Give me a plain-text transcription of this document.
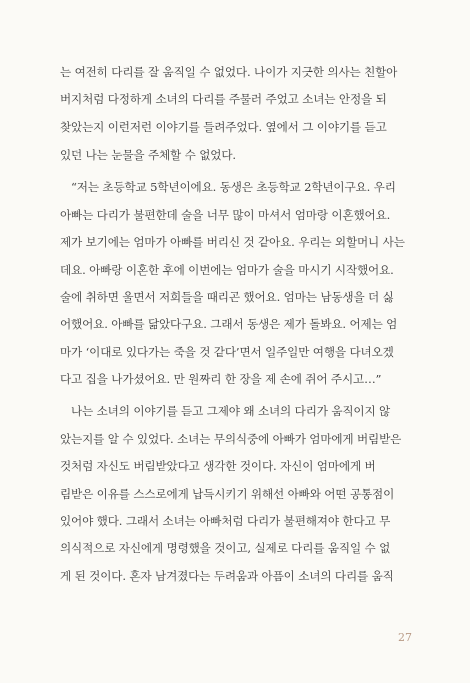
는 여전히 다리를 잘 움직일 수 없었다. 나이가 지긋한 의사는 친할아
버지처럼 다정하게 소녀의 다리를 주물러 주었고 소녀는 안정을 되
찾았는지 이런저런 이야기를 들려주었다. 옆에서 그 이야기를 듣고
있던 나는 눈물을 주체할 수 없었다.
“저는 초등학교 5학년이에요. 동생은 초등학교 2학년이구요. 우리
아빠는 다리가 불편한데 술을 너무 많이 마셔서 엄마랑 이혼했어요.
제가 보기에는 엄마가 아빠를 버리신 것 같아요. 우리는 외할머니 사는
데요. 아빠랑 이혼한 후에 이번에는 엄마가 술을 마시기 시작했어요.
술에 취하면 울면서 저희들을 때리곤 했어요. 엄마는 남동생을 더 싫
어했어요. 아빠를 닮았다구요. 그래서 동생은 제가 돌봐요. 어제는 엄
마가 ‘이대로 있다가는 죽을 것 같다’면서 일주일만 여행을 다녀오겠
다고 집을 나가셨어요. 만 원짜리 한 장을 제 손에 쥐어 주시고…”
나는 소녀의 이야기를 듣고 그제야 왜 소녀의 다리가 움직이지 않
았는지를 알 수 있었다. 소녀는 무의식중에 아빠가 엄마에게 버림받은
것처럼 자신도 버림받았다고 생각한 것이다. 자신이 엄마에게 버
림받은 이유를 스스로에게 납득시키기 위해선 아빠와 어떤 공통점이
있어야 했다. 그래서 소녀는 아빠처럼 다리가 불편해져야 한다고 무
의식적으로 자신에게 명령했을 것이고, 실제로 다리를 움직일 수 없
게 된 것이다. 혼자 남겨졌다는 두려움과 아픔이 소녀의 다리를 움직
27
